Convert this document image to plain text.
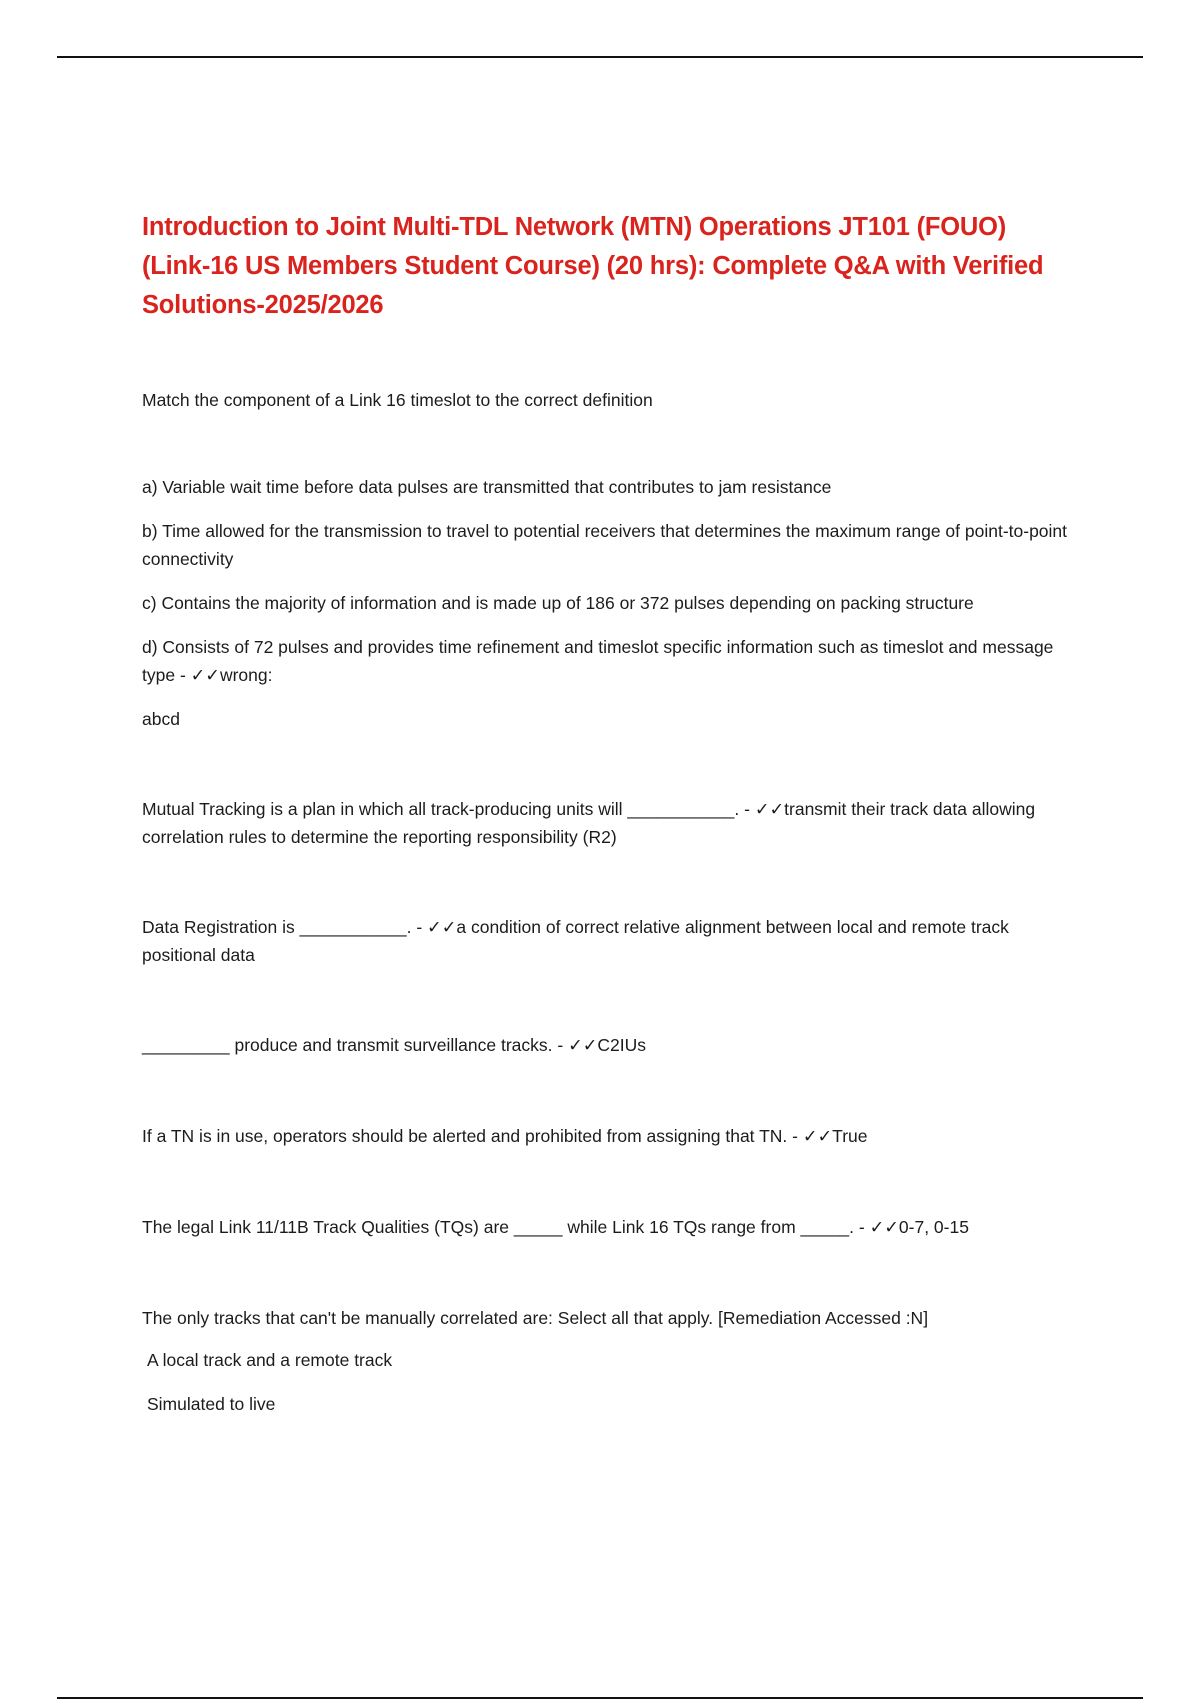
Introduction to Joint Multi-TDL Network (MTN) Operations JT101 (FOUO) (Link-16 US Members Student Course) (20 hrs): Complete Q&A with Verified Solutions-2025/2026

Match the component of a Link 16 timeslot to the correct definition

a) Variable wait time before data pulses are transmitted that contributes to jam resistance

b) Time allowed for the transmission to travel to potential receivers that determines the maximum range of point-to-point connectivity

c) Contains the majority of information and is made up of 186 or 372 pulses depending on packing structure

d) Consists of 72 pulses and provides time refinement and timeslot specific information such as timeslot and message type - ✓✓wrong:

abcd

Mutual Tracking is a plan in which all track-producing units will ___________. - ✓✓transmit their track data allowing correlation rules to determine the reporting responsibility (R2)

Data Registration is ___________. - ✓✓a condition of correct relative alignment between local and remote track positional data

_________ produce and transmit surveillance tracks. - ✓✓C2IUs

If a TN is in use, operators should be alerted and prohibited from assigning that TN. - ✓✓True

The legal Link 11/11B Track Qualities (TQs) are _____ while Link 16 TQs range from _____. - ✓✓0-7, 0-15

The only tracks that can't be manually correlated are: Select all that apply. [Remediation Accessed :N]

A local track and a remote track

Simulated to live
